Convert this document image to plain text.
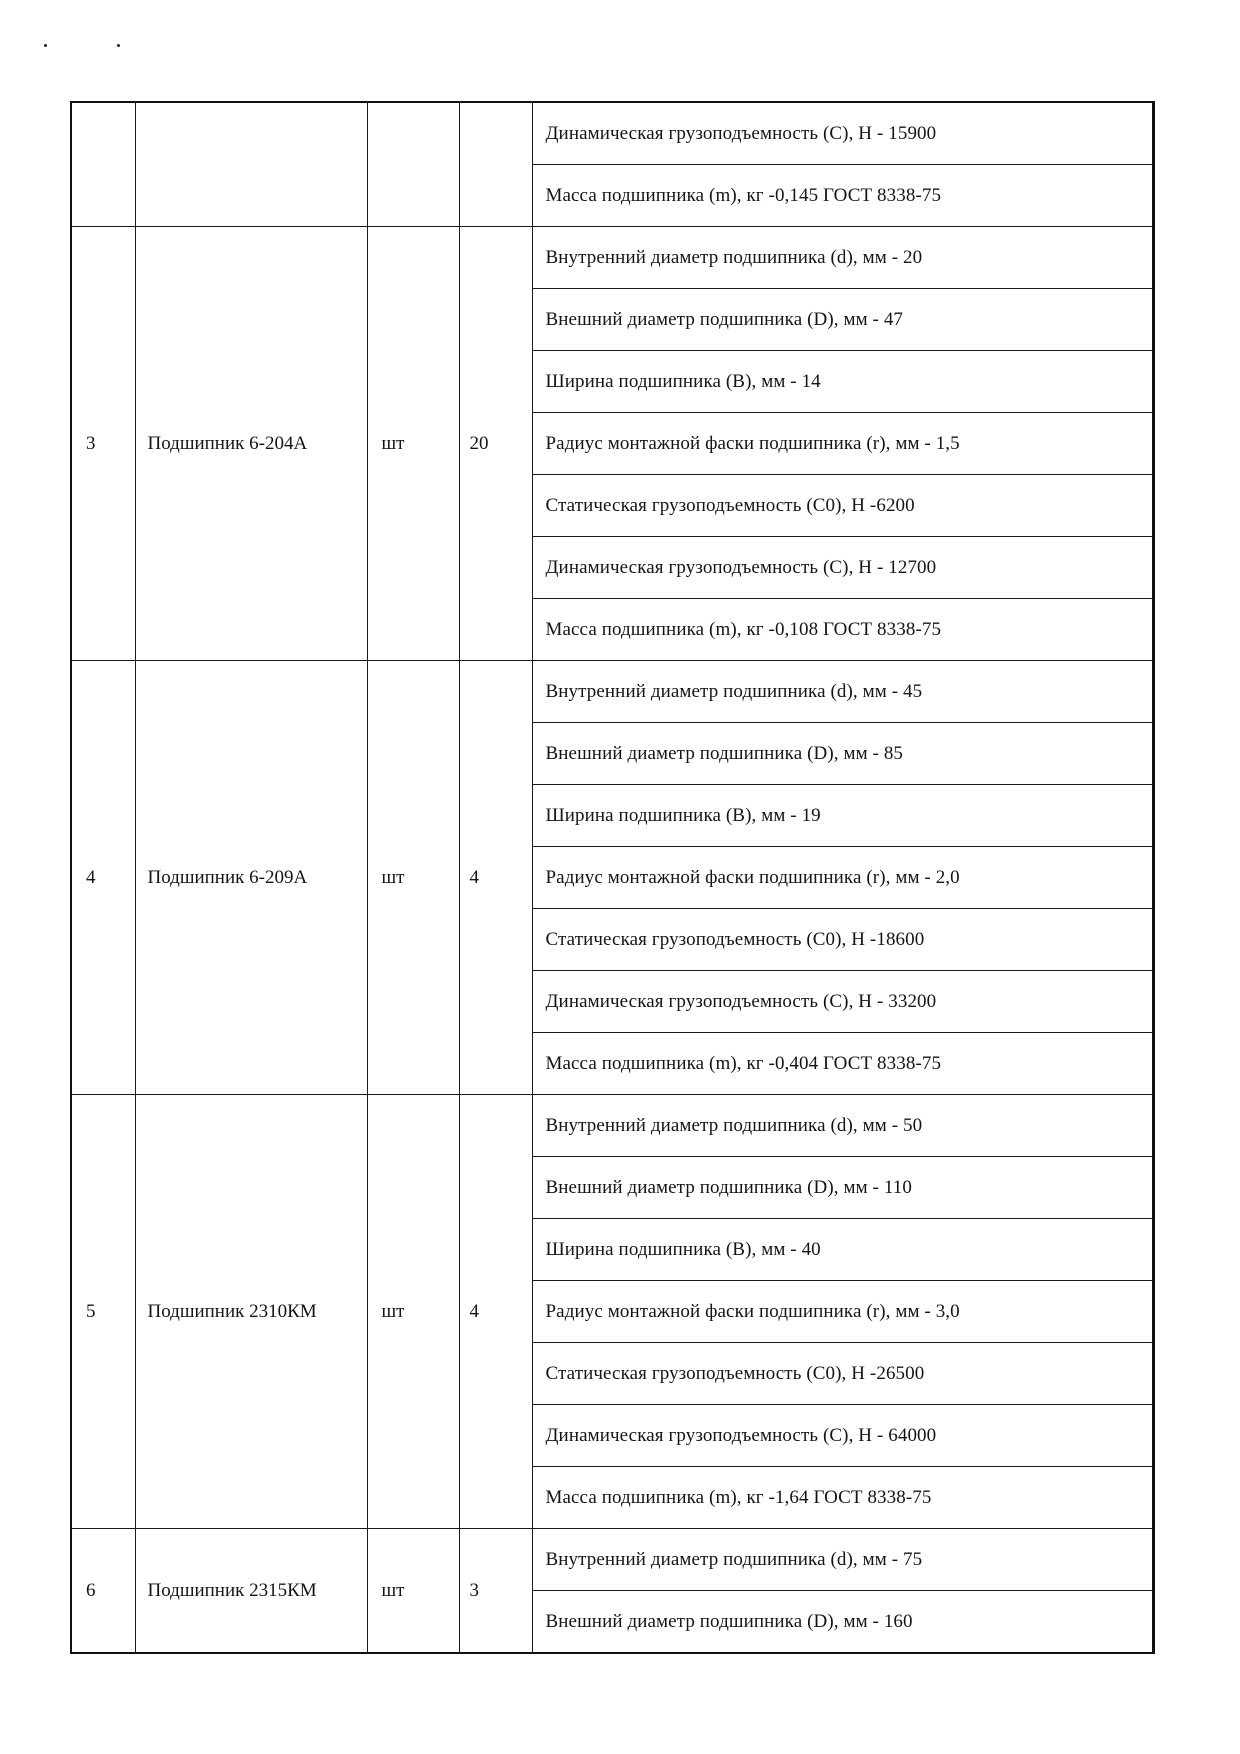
				Динамическая грузоподъемность (С), Н - 15900
				Масса подшипника (m), кг -0,145 ГОСТ 8338-75
3	Подшипник 6-204А	шт	20	Внутренний диаметр подшипника (d), мм - 20
				Внешний диаметр подшипника (D), мм - 47
				Ширина подшипника (В), мм - 14
				Радиус монтажной фаски подшипника (r), мм - 1,5
				Статическая грузоподъемность (С0), Н -6200
				Динамическая грузоподъемность (С), Н - 12700
				Масса подшипника (m), кг -0,108 ГОСТ 8338-75
4	Подшипник 6-209А	шт	4	Внутренний диаметр подшипника (d), мм - 45
				Внешний диаметр подшипника (D), мм - 85
				Ширина подшипника (В), мм - 19
				Радиус монтажной фаски подшипника (r), мм - 2,0
				Статическая грузоподъемность (С0), Н -18600
				Динамическая грузоподъемность (С), Н - 33200
				Масса подшипника (m), кг -0,404 ГОСТ 8338-75
5	Подшипник 2310КМ	шт	4	Внутренний диаметр подшипника (d), мм - 50
				Внешний диаметр подшипника (D), мм - 110
				Ширина подшипника (В), мм - 40
				Радиус монтажной фаски подшипника (r), мм - 3,0
				Статическая грузоподъемность (С0), Н -26500
				Динамическая грузоподъемность (С), Н - 64000
				Масса подшипника (m), кг -1,64 ГОСТ 8338-75
6	Подшипник 2315КМ	шт	3	Внутренний диаметр подшипника (d), мм - 75
				Внешний диаметр подшипника (D), мм - 160
